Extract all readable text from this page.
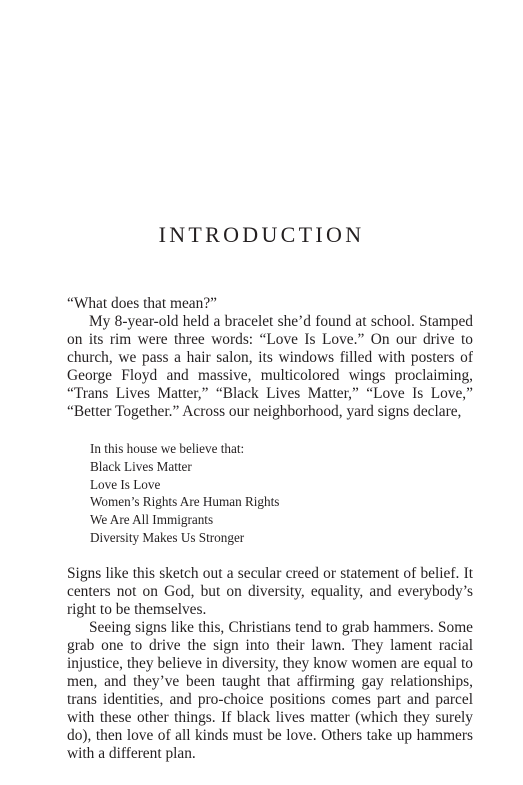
INTRODUCTION

“What does that mean?”

My 8-year-old held a bracelet she’d found at school. Stamped on its rim were three words: “Love Is Love.” On our drive to church, we pass a hair salon, its windows filled with posters of George Floyd and massive, multicolored wings proclaiming, “Trans Lives Matter,” “Black Lives Matter,” “Love Is Love,” “Better Together.” Across our neighborhood, yard signs declare,

In this house we believe that:
Black Lives Matter
Love Is Love
Women’s Rights Are Human Rights
We Are All Immigrants
Diversity Makes Us Stronger

Signs like this sketch out a secular creed or statement of belief. It centers not on God, but on diversity, equality, and everybody’s right to be themselves.

Seeing signs like this, Christians tend to grab hammers. Some grab one to drive the sign into their lawn. They lament racial injustice, they believe in diversity, they know women are equal to men, and they’ve been taught that affirming gay relationships, trans identities, and pro-choice positions comes part and parcel with these other things. If black lives matter (which they surely do), then love of all kinds must be love. Others take up hammers with a different plan.
